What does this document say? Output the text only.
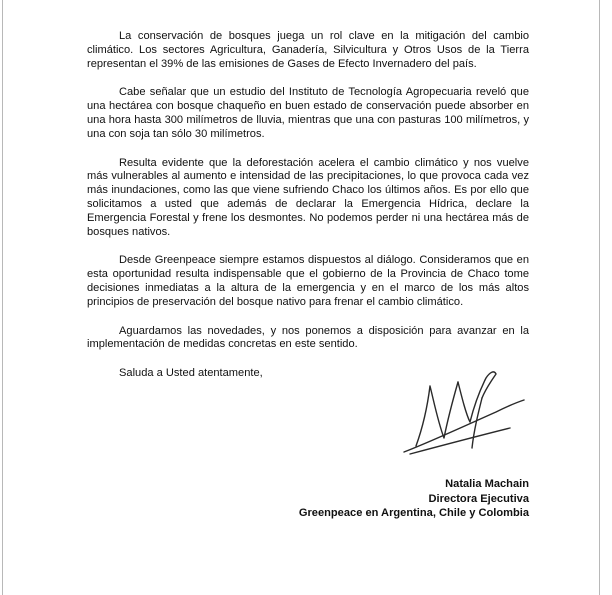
La conservación de bosques juega un rol clave en la mitigación del cambio climático. Los sectores Agricultura, Ganadería, Silvicultura y Otros Usos de la Tierra representan el 39% de las emisiones de Gases de Efecto Invernadero del país.

Cabe señalar que un estudio del Instituto de Tecnología Agropecuaria reveló que una hectárea con bosque chaqueño en buen estado de conservación puede absorber en una hora hasta 300 milímetros de lluvia, mientras que una con pasturas 100 milímetros, y una con soja tan sólo 30 milímetros.

Resulta evidente que la deforestación acelera el cambio climático y nos vuelve más vulnerables al aumento e intensidad de las precipitaciones, lo que provoca cada vez más inundaciones, como las que viene sufriendo Chaco los últimos años. Es por ello que solicitamos a usted que además de declarar la Emergencia Hídrica, declare la Emergencia Forestal y frene los desmontes. No podemos perder ni una hectárea más de bosques nativos.

Desde Greenpeace siempre estamos dispuestos al diálogo. Consideramos que en esta oportunidad resulta indispensable que el gobierno de la Provincia de Chaco tome decisiones inmediatas a la altura de la emergencia y en el marco de los más altos principios de preservación del bosque nativo para frenar el cambio climático.

Aguardamos las novedades, y nos ponemos a disposición para avanzar en la implementación de medidas concretas en este sentido.

Saluda a Usted atentamente,

Natalia Machain
Directora Ejecutiva
Greenpeace en Argentina, Chile y Colombia
